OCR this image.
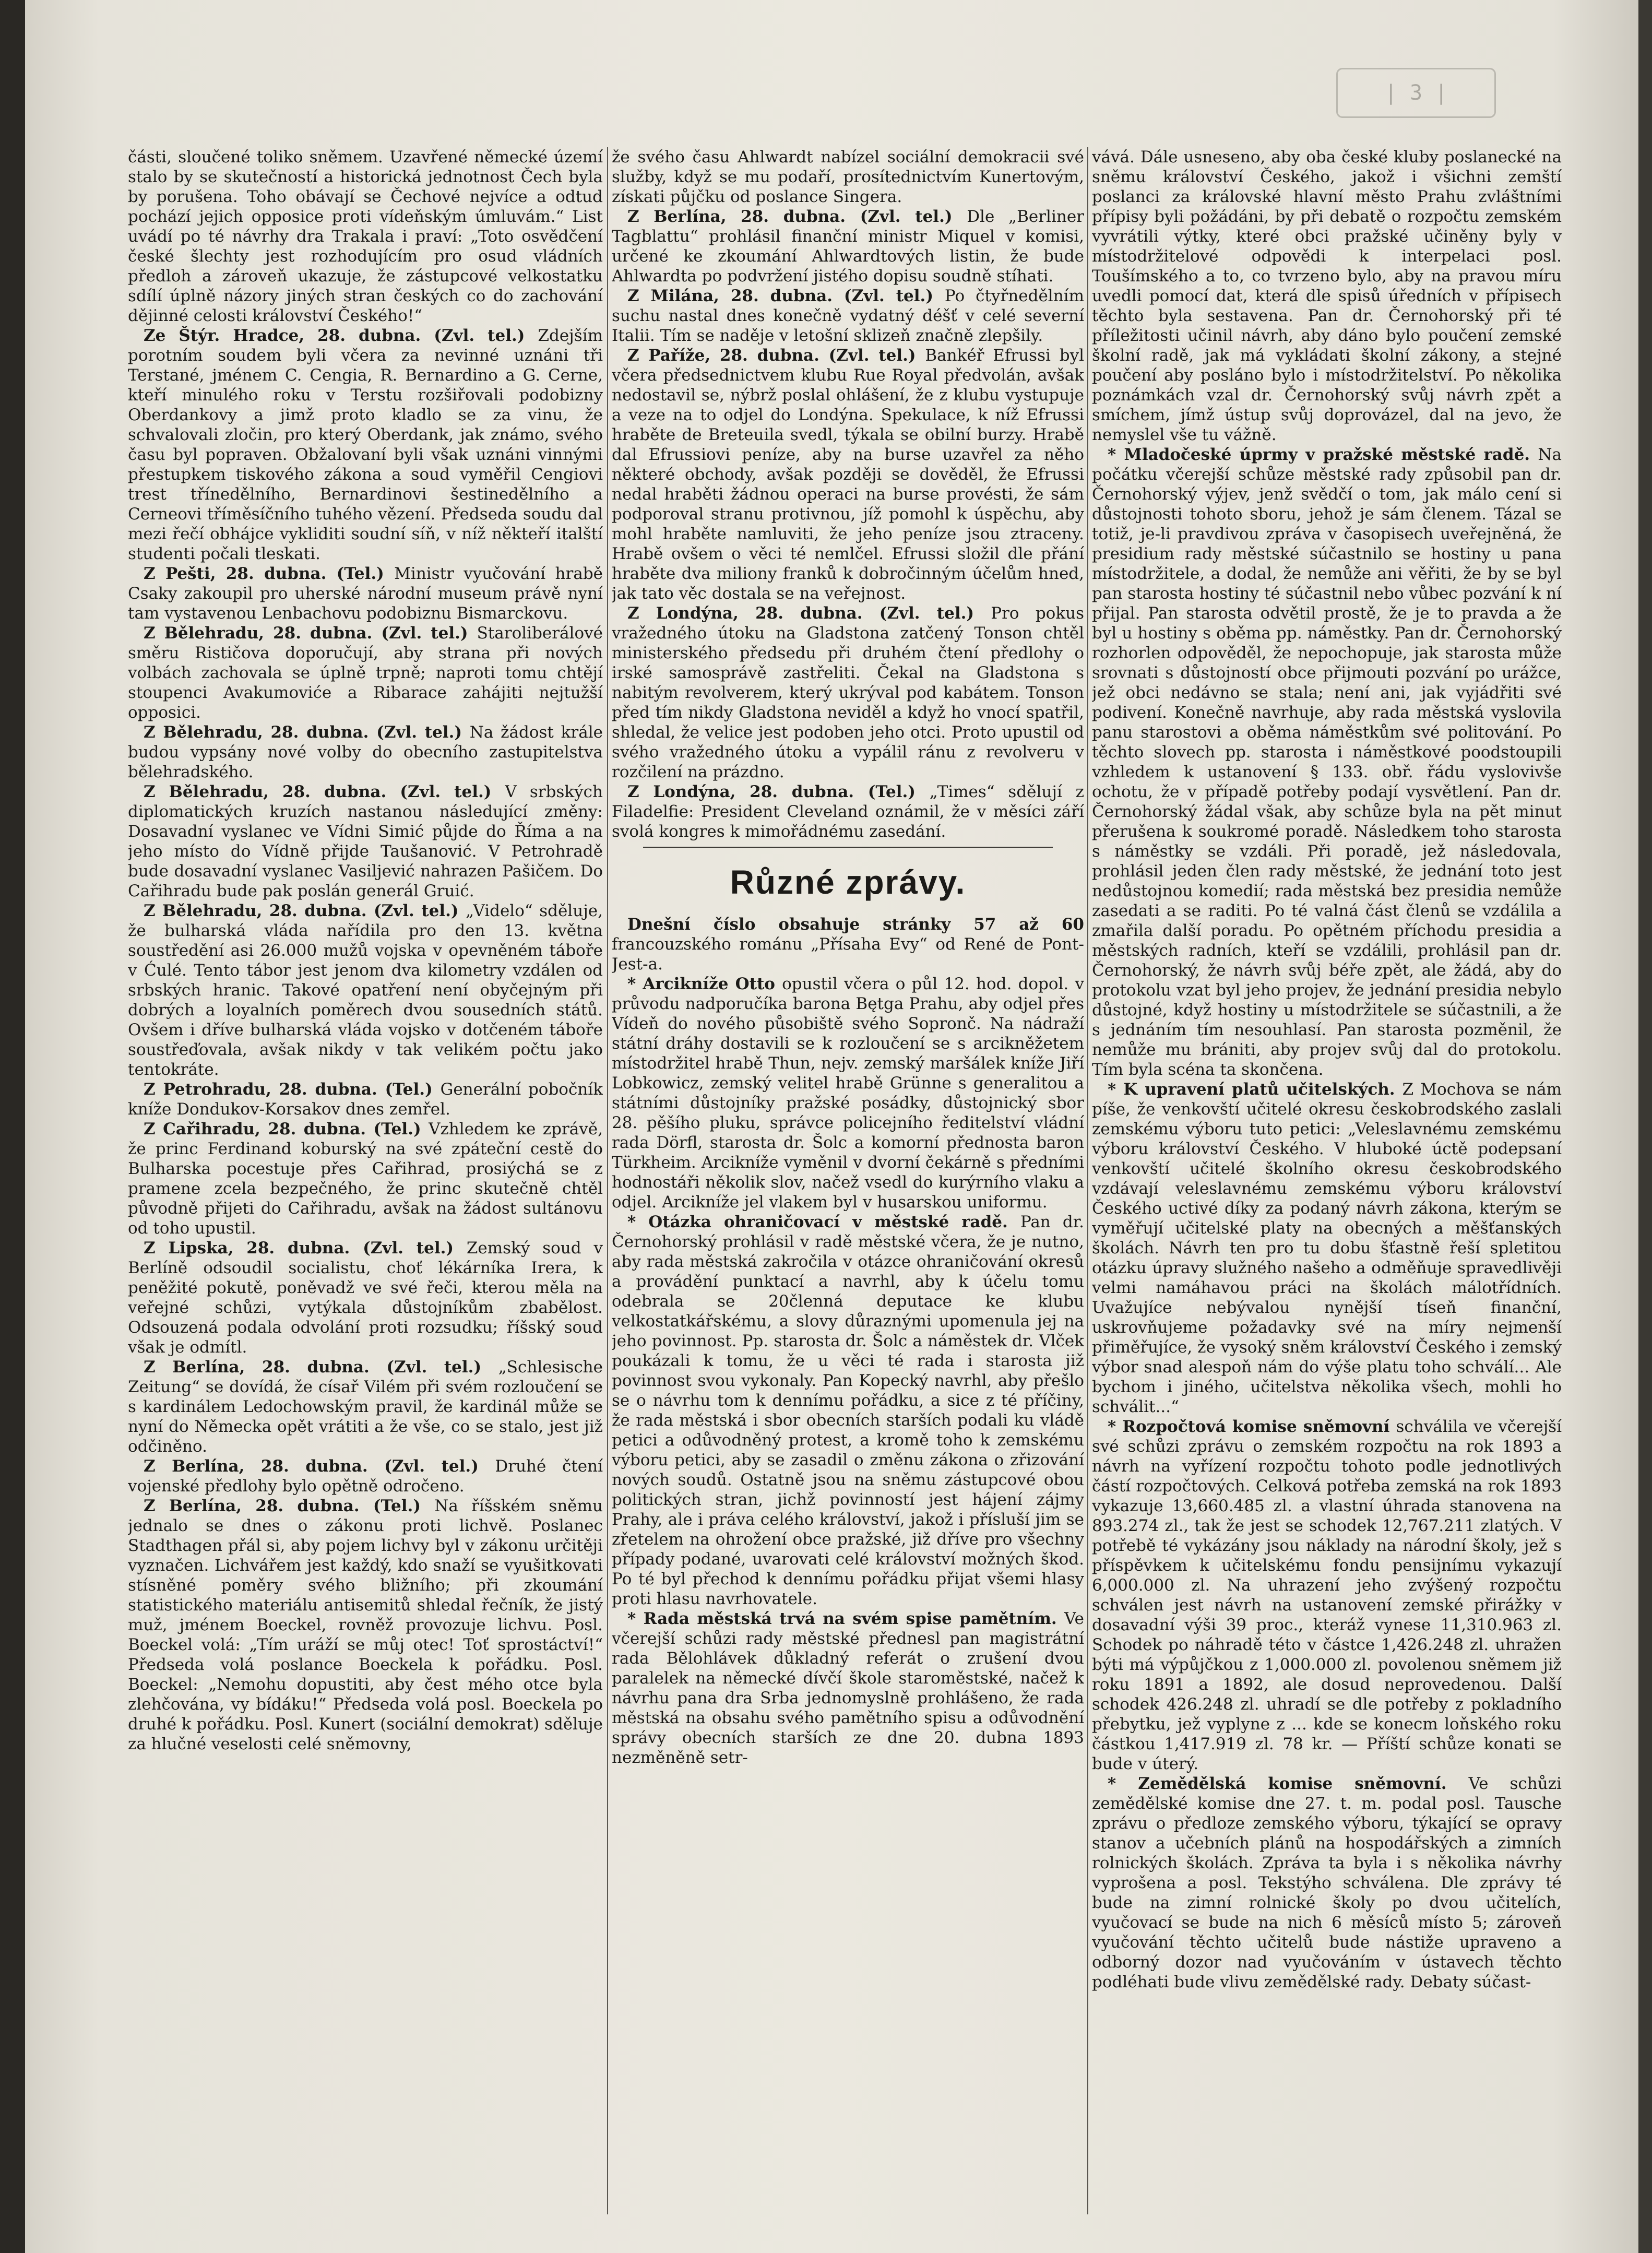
| 3 |

části, sloučené toliko sněmem. Uzavřené německé území stalo by se skutečností a historická jednotnost Čech byla by porušena. Toho obávají se Čechové nejvíce a odtud pochází jejich opposice proti vídeňským úmluvám.“ List uvádí po té návrhy dra Trakala i praví: „Toto osvědčení české šlechty jest rozhodujícím pro osud vládních předloh a zároveň ukazuje, že zástupcové velkostatku sdílí úplně názory jiných stran českých co do zachování dějinné celosti království Českého!“

Ze Štýr. Hradce, 28. dubna. (Zvl. tel.) Zdejším porotním soudem byli včera za nevinné uznáni tři Terstané, jménem C. Cengia, R. Bernardino a G. Cerne, kteří minulého roku v Terstu rozšiřovali podobizny Oberdankovy a jimž proto kladlo se za vinu, že schvalovali zločin, pro který Oberdank, jak známo, svého času byl popraven. Obžalovaní byli však uznáni vinnými přestupkem tiskového zákona a soud vyměřil Cengiovi trest třínedělního, Bernardinovi šestinedělního a Cerneovi tříměsíčního tuhého vězení. Předseda soudu dal mezi řečí obhájce vykliditi soudní síň, v níž někteří italští studenti počali tleskati.

Z Pešti, 28. dubna. (Tel.) Ministr vyučování hrabě Csaky zakoupil pro uherské národní museum právě nyní tam vystavenou Lenbachovu podobiznu Bismarckovu.

Z Bělehradu, 28. dubna. (Zvl. tel.) Staroliberálové směru Rističova doporučují, aby strana při nových volbách zachovala se úplně trpně; naproti tomu chtějí stoupenci Avakumoviće a Ribarace zahájiti nejtužší opposici.

Z Bělehradu, 28. dubna. (Zvl. tel.) Na žádost krále budou vypsány nové volby do obecního zastupitelstva bělehradského.

Z Bělehradu, 28. dubna. (Zvl. tel.) V srbských diplomatických kruzích nastanou následující změny: Dosavadní vyslanec ve Vídni Simić půjde do Říma a na jeho místo do Vídně přijde Taušanović. V Petrohradě bude dosavadní vyslanec Vasiljević nahrazen Pašičem. Do Cařihradu bude pak poslán generál Gruić.

Z Bělehradu, 28. dubna. (Zvl. tel.) „Videlo“ sděluje, že bulharská vláda nařídila pro den 13. května soustředění asi 26.000 mužů vojska v opevněném táboře v Ćulé. Tento tábor jest jenom dva kilometry vzdálen od srbských hranic. Takové opatření není obyčejným při dobrých a loyalních poměrech dvou sousedních států. Ovšem i dříve bulharská vláda vojsko v dotčeném táboře soustřeďovala, avšak nikdy v tak velikém počtu jako tentokráte.

Z Petrohradu, 28. dubna. (Tel.) Generální pobočník kníže Dondukov-Korsakov dnes zemřel.

Z Cařihradu, 28. dubna. (Tel.) Vzhledem ke zprávě, že princ Ferdinand koburský na své zpáteční cestě do Bulharska pocestuje přes Cařihrad, prosiýchá se z pramene zcela bezpečného, že princ skutečně chtěl původně přijeti do Cařihradu, avšak na žádost sultánovu od toho upustil.

Z Lipska, 28. dubna. (Zvl. tel.) Zemský soud v Berlíně odsoudil socialistu, choť lékárníka Irera, k peněžité pokutě, poněvadž ve své řeči, kterou měla na veřejné schůzi, vytýkala důstojníkům zbabělost. Odsouzená podala odvolání proti rozsudku; říšský soud však je odmítl.

Z Berlína, 28. dubna. (Zvl. tel.) „Schlesische Zeitung“ se dovídá, že císař Vilém při svém rozloučení se s kardinálem Ledochowským pravil, že kardinál může se nyní do Německa opět vrátiti a že vše, co se stalo, jest již odčiněno.

Z Berlína, 28. dubna. (Zvl. tel.) Druhé čtení vojenské předlohy bylo opětně odročeno.

Z Berlína, 28. dubna. (Tel.) Na říšském sněmu jednalo se dnes o zákonu proti lichvě. Poslanec Stadthagen přál si, aby pojem lichvy byl v zákonu určitěji vyznačen. Lichvářem jest každý, kdo snaží se vyušitkovati stísněné poměry svého bližního; při zkoumání statistického materiálu antisemitů shledal řečník, že jistý muž, jménem Boeckel, rovněž provozuje lichvu. Posl. Boeckel volá: „Tím uráží se můj otec! Toť sprostáctví!“ Předseda volá poslance Boeckela k pořádku. Posl. Boeckel: „Nemohu dopustiti, aby čest mého otce byla zlehčována, vy bídáku!“ Předseda volá posl. Boeckela po druhé k pořádku. Posl. Kunert (sociální demokrat) sděluje za hlučné veselosti celé sněmovny,

že svého času Ahlwardt nabízel sociální demokracii své služby, když se mu podaří, prosítednictvím Kunertovým, získati půjčku od poslance Singera.

Z Berlína, 28. dubna. (Zvl. tel.) Dle „Berliner Tagblattu“ prohlásil finanční ministr Miquel v komisi, určené ke zkoumání Ahlwardtových listin, že bude Ahlwardta po podvržení jistého dopisu soudně stíhati.

Z Milána, 28. dubna. (Zvl. tel.) Po čtyřnedělním suchu nastal dnes konečně vydatný déšť v celé severní Italii. Tím se naděje v letošní sklizeň značně zlepšily.

Z Paříže, 28. dubna. (Zvl. tel.) Bankéř Efrussi byl včera předsednictvem klubu Rue Royal předvolán, avšak nedostavil se, nýbrž poslal ohlášení, že z klubu vystupuje a veze na to odjel do Londýna. Spekulace, k níž Efrussi hraběte de Breteuila svedl, týkala se obilní burzy. Hrabě dal Efrussiovi peníze, aby na burse uzavřel za něho některé obchody, avšak později se dověděl, že Efrussi nedal hraběti žádnou operaci na burse provésti, že sám podporoval stranu protivnou, jíž pomohl k úspěchu, aby mohl hraběte namluviti, že jeho peníze jsou ztraceny. Hrabě ovšem o věci té nemlčel. Efrussi složil dle přání hraběte dva miliony franků k dobročinným účelům hned, jak tato věc dostala se na veřejnost.

Z Londýna, 28. dubna. (Zvl. tel.) Pro pokus vražedného útoku na Gladstona zatčený Tonson chtěl ministerského předsedu při druhém čtení předlohy o irské samosprávě zastřeliti. Čekal na Gladstona s nabitým revolverem, který ukrýval pod kabátem. Tonson před tím nikdy Gladstona neviděl a když ho vnocí spatřil, shledal, že velice jest podoben jeho otci. Proto upustil od svého vražedného útoku a vypálil ránu z revolveru v rozčilení na prázdno.

Z Londýna, 28. dubna. (Tel.) „Times“ sdělují z Filadelfie: President Cleveland oznámil, že v měsíci září svolá kongres k mimořádnému zasedání.

Různé zprávy.

Dnešní číslo obsahuje stránky 57 až 60 francouzského románu „Přísaha Evy“ od René de Pont-Jest-a.

* Arcikníže Otto opustil včera o půl 12. hod. dopol. v průvodu nadporučíka barona Bętga Prahu, aby odjel přes Vídeň do nového působiště svého Sopronč. Na nádraží státní dráhy dostavili se k rozloučení se s arcikněžetem místodržitel hrabě Thun, nejv. zemský maršálek kníže Jiří Lobkowicz, zemský velitel hrabě Grünne s generalitou a státními důstojníky pražské posádky, důstojnický sbor 28. pěšího pluku, správce policejního ředitelství vládní rada Dörfl, starosta dr. Šolc a komorní přednosta baron Türkheim. Arcikníže vyměnil v dvorní čekárně s předními hodnostáři několik slov, načež vsedl do kurýrního vlaku a odjel. Arcikníže jel vlakem byl v husarskou uniformu.

* Otázka ohraničovací v městské radě. Pan dr. Černohorský prohlásil v radě městské včera, že je nutno, aby rada městská zakročila v otázce ohraničování okresů a provádění punktací a navrhl, aby k účelu tomu odebrala se 20členná deputace ke klubu velkostatkářskému, a slovy důraznými upomenula jej na jeho povinnost. Pp. starosta dr. Šolc a náměstek dr. Vlček poukázali k tomu, že u věci té rada i starosta již povinnost svou vykonaly. Pan Kopecký navrhl, aby přešlo se o návrhu tom k dennímu pořádku, a sice z té příčiny, že rada městská i sbor obecních starších podali ku vládě petici a odůvodněný protest, a kromě toho k zemskému výboru petici, aby se zasadil o změnu zákona o zřizování nových soudů. Ostatně jsou na sněmu zástupcové obou politických stran, jichž povinností jest hájení zájmy Prahy, ale i práva celého království, jakož i přísluší jim se zřetelem na ohrožení obce pražské, již dříve pro všechny případy podané, uvarovati celé království možných škod. Po té byl přechod k dennímu pořádku přijat všemi hlasy proti hlasu navrhovatele.

* Rada městská trvá na svém spise pamětním. Ve včerejší schůzi rady městské přednesl pan magistrátní rada Bělohlávek důkladný referát o zrušení dvou paralelek na německé dívčí škole staroměstské, načež k návrhu pana dra Srba jednomyslně prohlášeno, že rada městská na obsahu svého pamětního spisu a odůvodnění správy obecních starších ze dne 20. dubna 1893 nezměněně setr-

vává. Dále usneseno, aby oba české kluby poslanecké na sněmu království Českého, jakož i všichni zemští poslanci za královské hlavní město Prahu zvláštními přípisy byli požádáni, by při debatě o rozpočtu zemském vyvrátili výtky, které obci pražské učiněny byly v místodržitelové odpovědi k interpelaci posl. Toušímského a to, co tvrzeno bylo, aby na pravou míru uvedli pomocí dat, která dle spisů úředních v přípisech těchto byla sestavena. Pan dr. Černohorský při té příležitosti učinil návrh, aby dáno bylo poučení zemské školní radě, jak má vykládati školní zákony, a stejné poučení aby posláno bylo i místodržitelství. Po několika poznámkách vzal dr. Černohorský svůj návrh zpět a smíchem, jímž ústup svůj doprovázel, dal na jevo, že nemyslel vše tu vážně.

* Mladočeské úprmy v pražské městské radě. Na počátku včerejší schůze městské rady způsobil pan dr. Černohorský výjev, jenž svědčí o tom, jak málo cení si důstojnosti tohoto sboru, jehož je sám členem. Tázal se totiž, je-li pravdivou zpráva v časopisech uveřejněná, že presidium rady městské súčastnilo se hostiny u pana místodržitele, a dodal, že nemůže ani věřiti, že by se byl pan starosta hostiny té súčastnil nebo vůbec pozvání k ní přijal. Pan starosta odvětil prostě, že je to pravda a že byl u hostiny s oběma pp. náměstky. Pan dr. Černohorský rozhorlen odpověděl, že nepochopuje, jak starosta může srovnati s důstojností obce přijmouti pozvání po urážce, jež obci nedávno se stala; není ani, jak vyjádřiti své podivení. Konečně navrhuje, aby rada městská vyslovila panu starostovi a oběma náměstkům své politování. Po těchto slovech pp. starosta i náměstkové poodstoupili vzhledem k ustanovení § 133. obř. řádu vyslovivše ochotu, že v případě potřeby podají vysvětlení. Pan dr. Černohorský žádal však, aby schůze byla na pět minut přerušena k soukromé poradě. Následkem toho starosta s náměstky se vzdáli. Při poradě, jež následovala, prohlásil jeden člen rady městské, že jednání toto jest nedůstojnou komedií; rada městská bez presidia nemůže zasedati a se raditi. Po té valná část členů se vzdálila a zmařila další poradu. Po opětném příchodu presidia a městských radních, kteří se vzdálili, prohlásil pan dr. Černohorský, že návrh svůj béře zpět, ale žádá, aby do protokolu vzat byl jeho projev, že jednání presidia nebylo důstojné, když hostiny u místodržitele se súčastnili, a že s jednáním tím nesouhlasí. Pan starosta pozměnil, že nemůže mu brániti, aby projev svůj dal do protokolu. Tím byla scéna ta skončena.

* K upravení platů učitelských. Z Mochova se nám píše, že venkovští učitelé okresu českobrodského zaslali zemskému výboru tuto petici: „Veleslavnému zemskému výboru království Českého. V hluboké úctě podepsaní venkovští učitelé školního okresu českobrodského vzdávají veleslavnému zemskému výboru království Českého uctivé díky za podaný návrh zákona, kterým se vyměřují učitelské platy na obecných a měšťanských školách. Návrh ten pro tu dobu šťastně řeší spletitou otázku úpravy služného našeho a odměňuje spravedlivěji velmi namáhavou práci na školách málotřídních. Uvažujíce nebývalou nynější tíseň finanční, uskrovňujeme požadavky své na míry nejmenší přiměřujíce, že vysoký sněm království Českého i zemský výbor snad alespoň nám do výše platu toho schválí... Ale bychom i jiného, učitelstva několika všech, mohli ho schválit...“

* Rozpočtová komise sněmovní schválila ve včerejší své schůzi zprávu o zemském rozpočtu na rok 1893 a návrh na vyřízení rozpočtu tohoto podle jednotlivých částí rozpočtových. Celková potřeba zemská na rok 1893 vykazuje 13,660.485 zl. a vlastní úhrada stanovena na 893.274 zl., tak že jest se schodek 12,767.211 zlatých. V potřebě té vykázány jsou náklady na národní školy, jež s příspěvkem k učitelskému fondu pensijnímu vykazují 6,000.000 zl. Na uhrazení jeho zvýšený rozpočtu schválen jest návrh na ustanovení zemské přirážky v dosavadní výši 39 proc., kteráž vynese 11,310.963 zl. Schodek po náhradě této v částce 1,426.248 zl. uhražen býti má výpůjčkou z 1,000.000 zl. povolenou sněmem již roku 1891 a 1892, ale dosud neprovedenou. Další schodek 426.248 zl. uhradí se dle potřeby z pokladního přebytku, jež vyplyne z ... kde se konecm loňského roku částkou 1,417.919 zl. 78 kr. — Příští schůze konati se bude v úterý.

* Zemědělská komise sněmovní. Ve schůzi zemědělské komise dne 27. t. m. podal posl. Tausche zprávu o předloze zemského výboru, týkající se opravy stanov a učebních plánů na hospodářských a zimních rolnických školách. Zpráva ta byla i s několika návrhy vyprošena a posl. Tekstýho schválena. Dle zprávy té bude na zimní rolnické školy po dvou učitelích, vyučovací se bude na nich 6 měsíců místo 5; zároveň vyučování těchto učitelů bude nástiže upraveno a odborný dozor nad vyučováním v ústavech těchto podléhati bude vlivu zemědělské rady. Debaty súčast-
